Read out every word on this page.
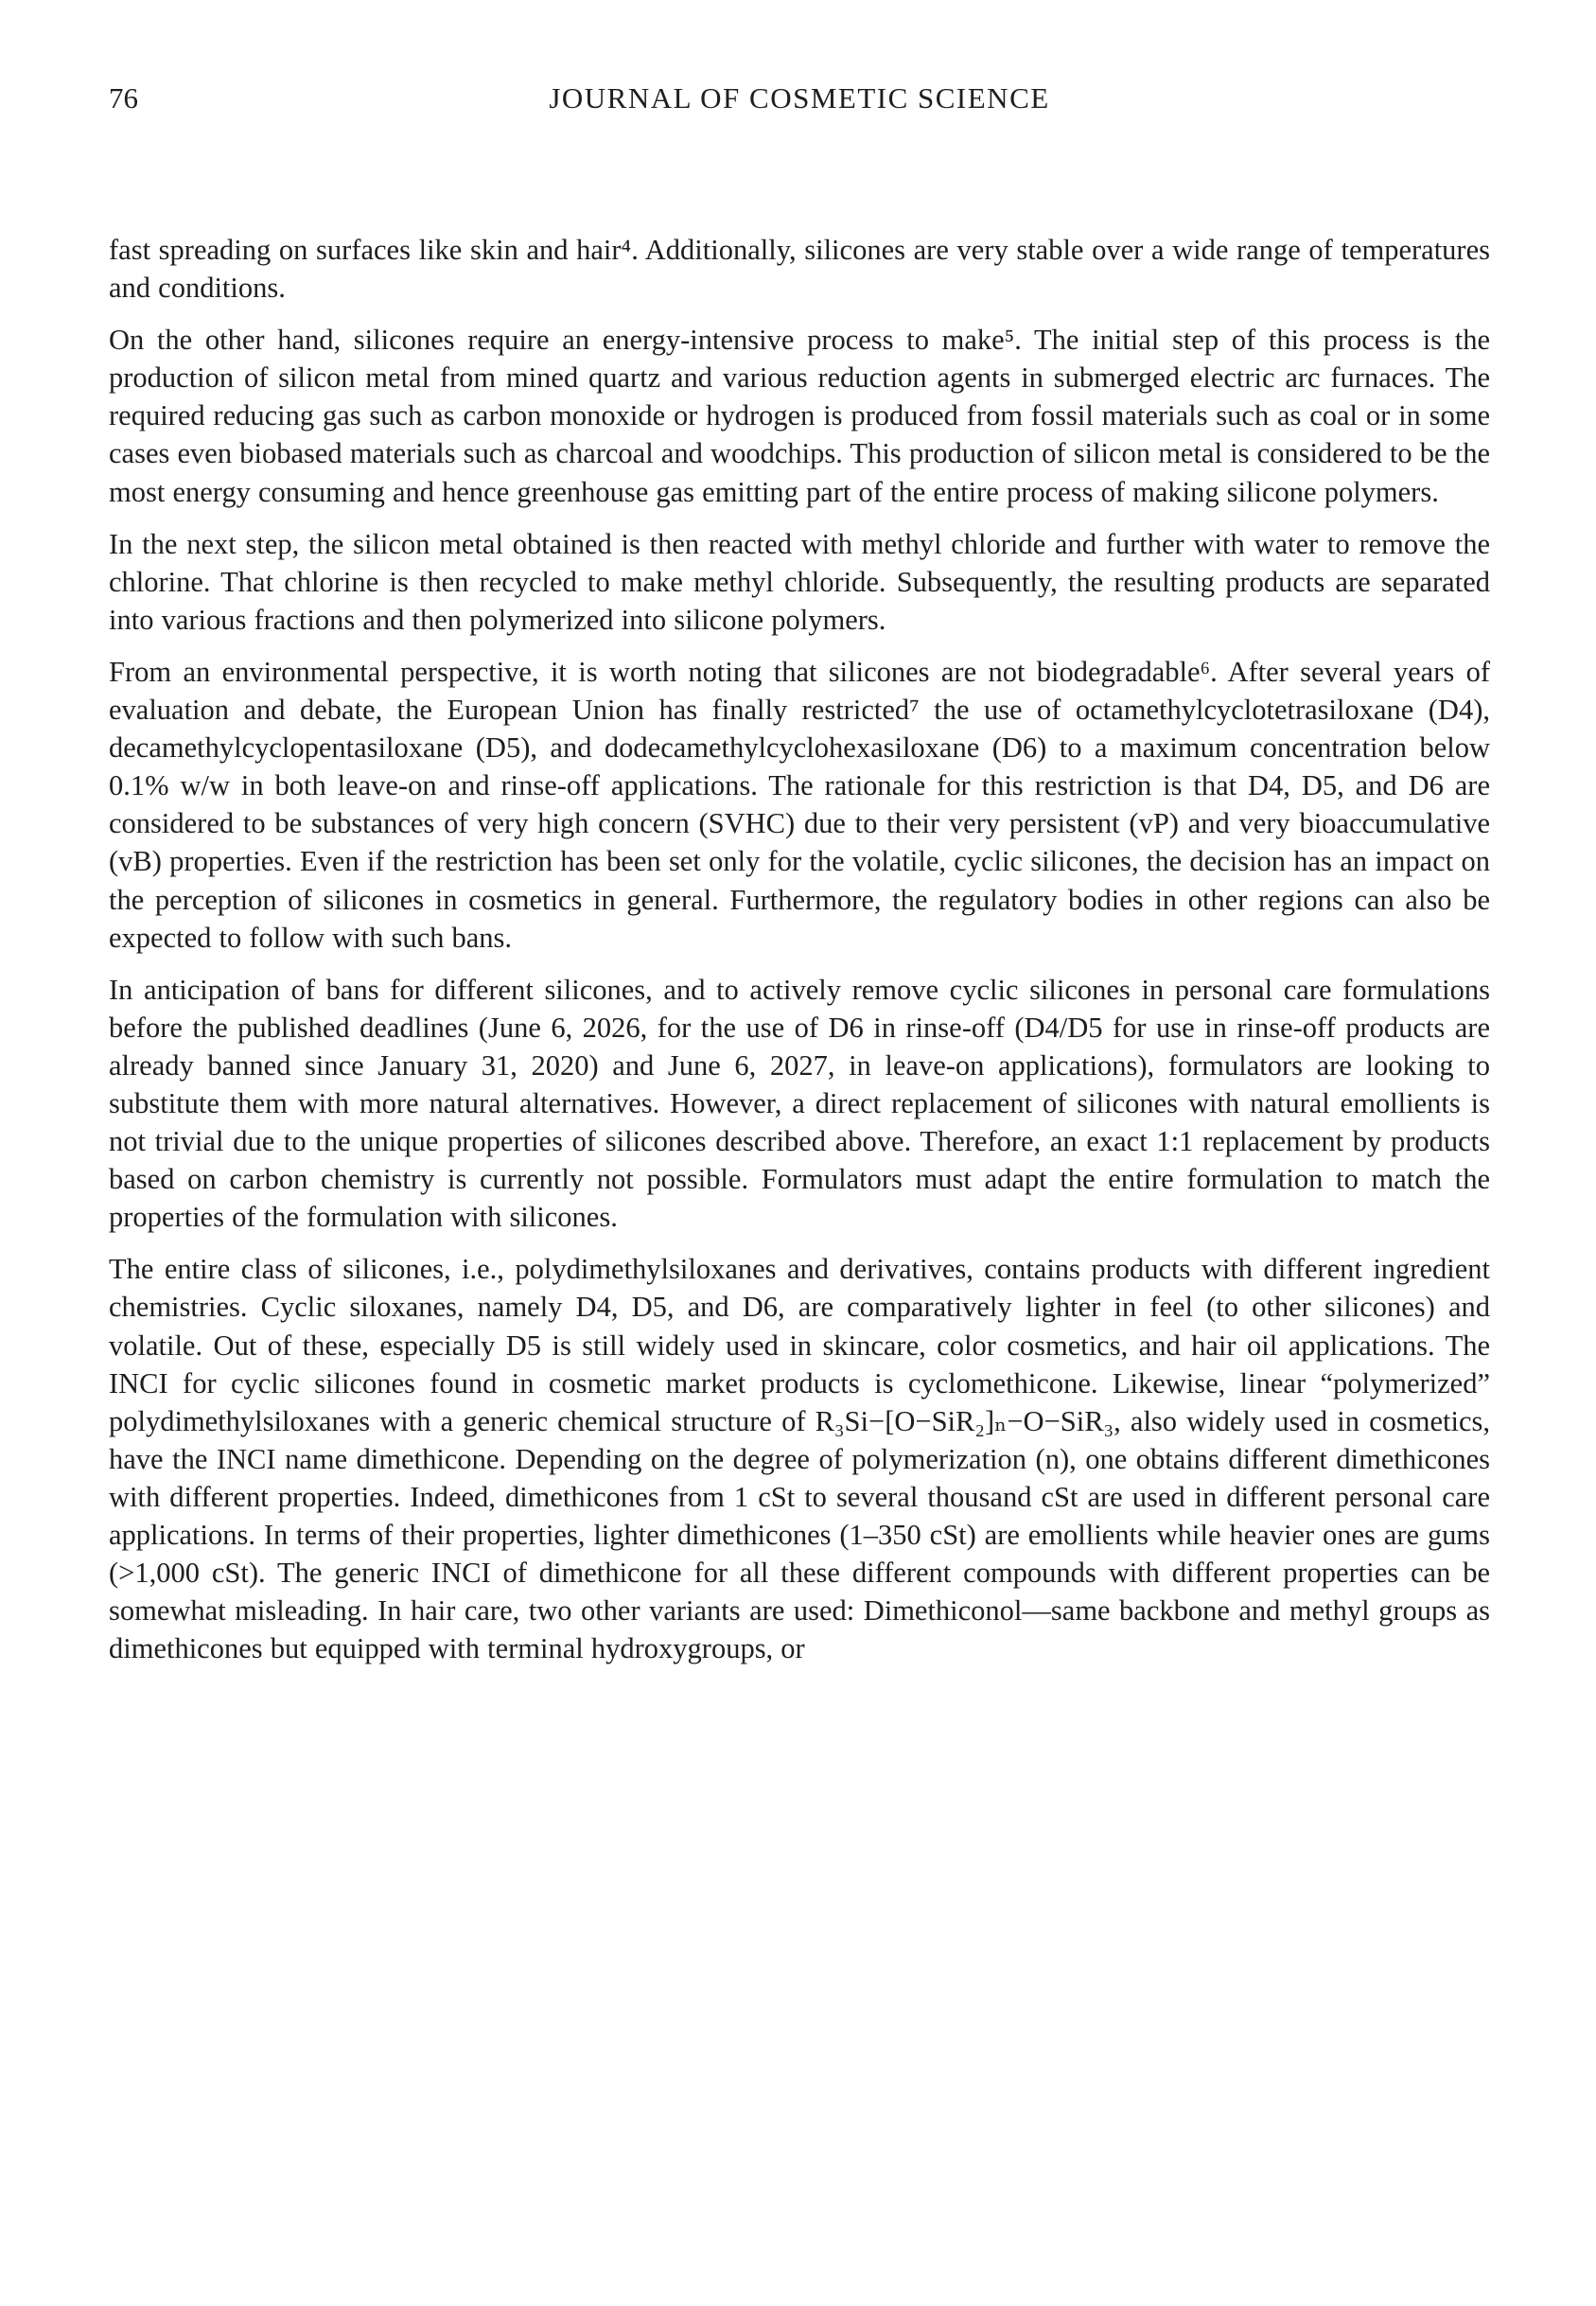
76	JOURNAL OF COSMETIC SCIENCE

fast spreading on surfaces like skin and hair⁴. Additionally, silicones are very stable over a wide range of temperatures and conditions.

On the other hand, silicones require an energy-intensive process to make⁵. The initial step of this process is the production of silicon metal from mined quartz and various reduction agents in submerged electric arc furnaces. The required reducing gas such as carbon monoxide or hydrogen is produced from fossil materials such as coal or in some cases even biobased materials such as charcoal and woodchips. This production of silicon metal is considered to be the most energy consuming and hence greenhouse gas emitting part of the entire process of making silicone polymers.

In the next step, the silicon metal obtained is then reacted with methyl chloride and further with water to remove the chlorine. That chlorine is then recycled to make methyl chloride. Subsequently, the resulting products are separated into various fractions and then polymerized into silicone polymers.

From an environmental perspective, it is worth noting that silicones are not biodegradable⁶. After several years of evaluation and debate, the European Union has finally restricted⁷ the use of octamethylcyclotetrasiloxane (D4), decamethylcyclopentasiloxane (D5), and dodecamethylcyclohexasiloxane (D6) to a maximum concentration below 0.1% w/w in both leave-on and rinse-off applications. The rationale for this restriction is that D4, D5, and D6 are considered to be substances of very high concern (SVHC) due to their very persistent (vP) and very bioaccumulative (vB) properties. Even if the restriction has been set only for the volatile, cyclic silicones, the decision has an impact on the perception of silicones in cosmetics in general. Furthermore, the regulatory bodies in other regions can also be expected to follow with such bans.

In anticipation of bans for different silicones, and to actively remove cyclic silicones in personal care formulations before the published deadlines (June 6, 2026, for the use of D6 in rinse-off (D4/D5 for use in rinse-off products are already banned since January 31, 2020) and June 6, 2027, in leave-on applications), formulators are looking to substitute them with more natural alternatives. However, a direct replacement of silicones with natural emollients is not trivial due to the unique properties of silicones described above. Therefore, an exact 1:1 replacement by products based on carbon chemistry is currently not possible. Formulators must adapt the entire formulation to match the properties of the formulation with silicones.

The entire class of silicones, i.e., polydimethylsiloxanes and derivatives, contains products with different ingredient chemistries. Cyclic siloxanes, namely D4, D5, and D6, are comparatively lighter in feel (to other silicones) and volatile. Out of these, especially D5 is still widely used in skincare, color cosmetics, and hair oil applications. The INCI for cyclic silicones found in cosmetic market products is cyclomethicone. Likewise, linear “polymerized” polydimethylsiloxanes with a generic chemical structure of R₃Si−[O−SiR₂]ₙ−O−SiR₃, also widely used in cosmetics, have the INCI name dimethicone. Depending on the degree of polymerization (n), one obtains different dimethicones with different properties. Indeed, dimethicones from 1 cSt to several thousand cSt are used in different personal care applications. In terms of their properties, lighter dimethicones (1–350 cSt) are emollients while heavier ones are gums (>1,000 cSt). The generic INCI of dimethicone for all these different compounds with different properties can be somewhat misleading. In hair care, two other variants are used: Dimethiconol—same backbone and methyl groups as dimethicones but equipped with terminal hydroxygroups, or
